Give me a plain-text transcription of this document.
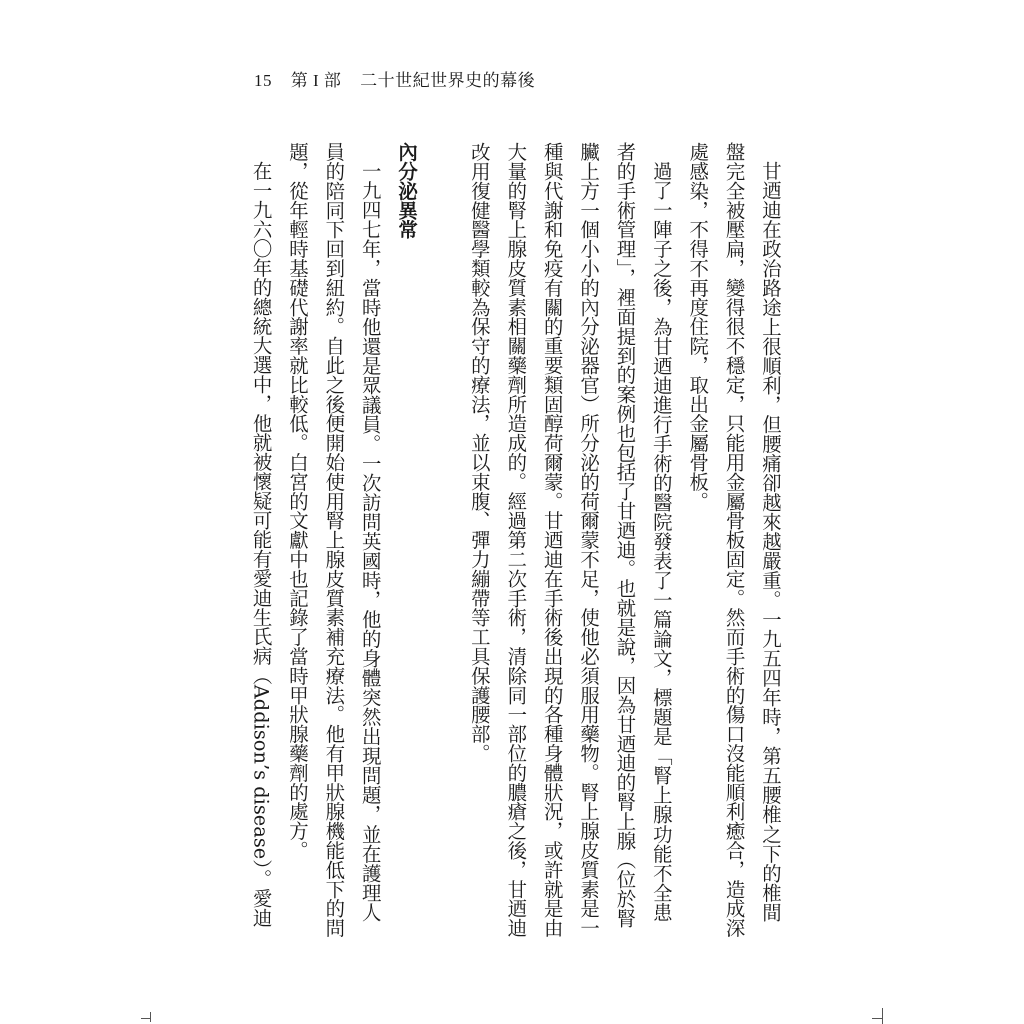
15 第 I 部 二十世紀世界史的幕後
甘迺迪在政治路途上很順利，但腰痛卻越來越嚴重。一九五四年時，第五腰椎之下的椎間
盤完全被壓扁，變得很不穩定，只能用金屬骨板固定。然而手術的傷口沒能順利癒合，造成深
處感染，不得不再度住院，取出金屬骨板。
過了一陣子之後，為甘迺迪進行手術的醫院發表了一篇論文，標題是「腎上腺功能不全患
者的手術管理」，裡面提到的案例也包括了甘迺迪。也就是說，因為甘迺迪的腎上腺（位於腎
臟上方一個小小的內分泌器官）所分泌的荷爾蒙不足，使他必須服用藥物。腎上腺皮質素是一
種與代謝和免疫有關的重要類固醇荷爾蒙。甘迺迪在手術後出現的各種身體狀況，或許就是由
大量的腎上腺皮質素相關藥劑所造成的。經過第二次手術，清除同一部位的膿瘡之後，甘迺迪
改用復健醫學類較為保守的療法，並以束腹、彈力繃帶等工具保護腰部。
內分泌異常
一九四七年，當時他還是眾議員。一次訪問英國時，他的身體突然出現問題，並在護理人
員的陪同下回到紐約。自此之後便開始使用腎上腺皮質素補充療法。他有甲狀腺機能低下的問
題，從年輕時基礎代謝率就比較低。白宮的文獻中也記錄了當時甲狀腺藥劑的處方。
在一九六〇年的總統大選中，他就被懷疑可能有愛迪生氏病（Addison’s disease）。愛迪
